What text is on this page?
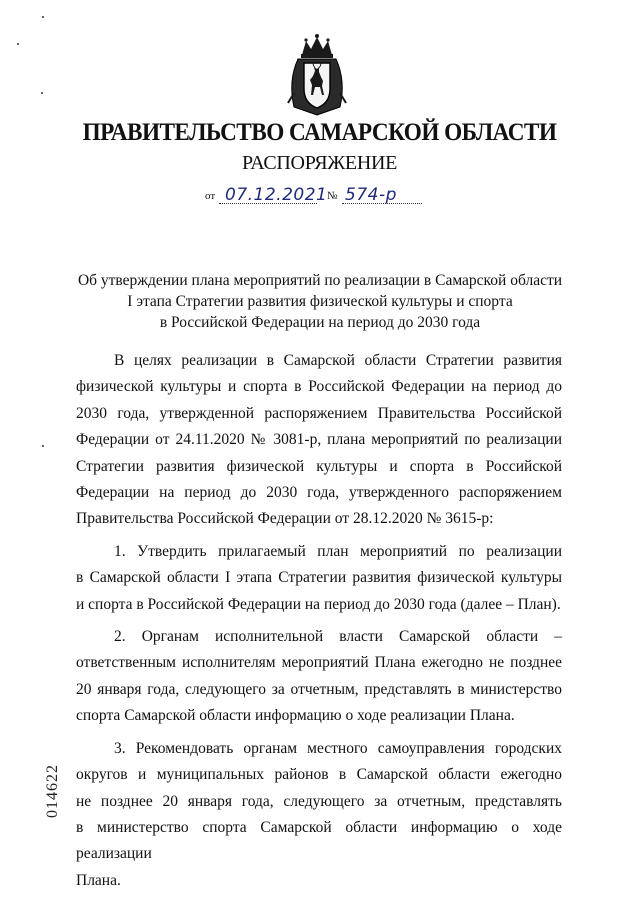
ПРАВИТЕЛЬСТВО САМАРСКОЙ ОБЛАСТИ
РАСПОРЯЖЕНИЕ
от 07.12.2021 № 574-р
Об утверждении плана мероприятий по реализации в Самарской области
I этапа Стратегии развития физической культуры и спорта
в Российской Федерации на период до 2030 года

В целях реализации в Самарской области Стратегии развития

физической культуры и спорта в Российской Федерации на период до

2030 года, утвержденной распоряжением Правительства Российской

Федерации от 24.11.2020 № 3081-р, плана мероприятий по реализации

Стратегии развития физической культуры и спорта в Российской

Федерации на период до 2030 года, утвержденного распоряжением

Правительства Российской Федерации от 28.12.2020 № 3615-р:

1. Утвердить прилагаемый план мероприятий по реализации

в Самарской области I этапа Стратегии развития физической культуры

и спорта в Российской Федерации на период до 2030 года (далее – План).

2. Органам исполнительной власти Самарской области –

ответственным исполнителям мероприятий Плана ежегодно не позднее

20 января года, следующего за отчетным, представлять в министерство

спорта Самарской области информацию о ходе реализации Плана.

3. Рекомендовать органам местного самоуправления городских

округов и муниципальных районов в Самарской области ежегодно

не позднее 20 января года, следующего за отчетным, представлять

в министерство спорта Самарской области информацию о ходе реализации

Плана.

014622
